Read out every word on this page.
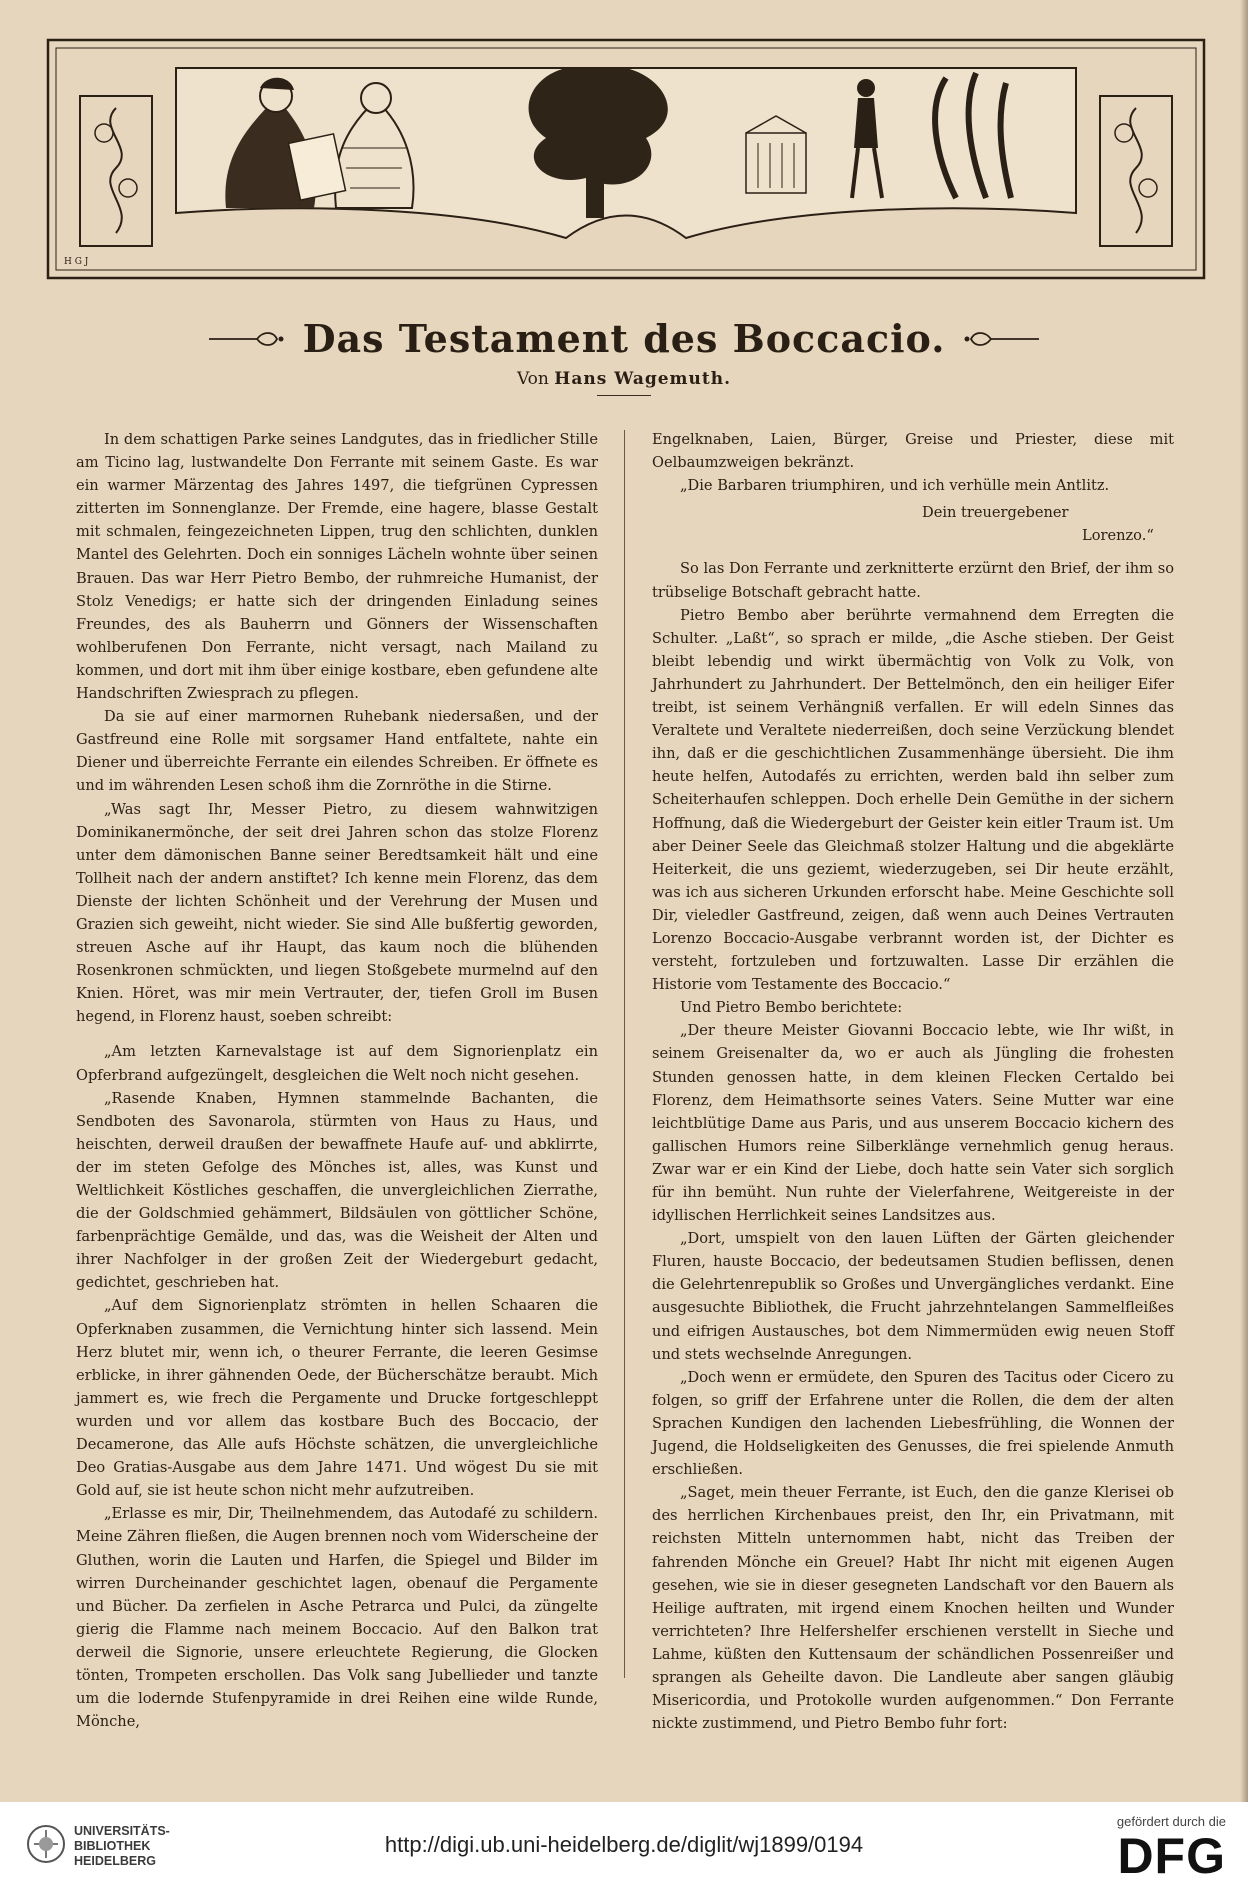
H G J
Das Testament des Boccacio.
Von Hans Wagemuth.

In dem schattigen Parke seines Landgutes, das in friedlicher Stille am Ticino lag, lustwandelte Don Ferrante mit seinem Gaste. Es war ein warmer Märzentag des Jahres 1497, die tiefgrünen Cypressen zitterten im Sonnenglanze. Der Fremde, eine hagere, blasse Gestalt mit schmalen, feingezeichneten Lippen, trug den schlichten, dunklen Mantel des Gelehrten. Doch ein sonniges Lächeln wohnte über seinen Brauen. Das war Herr Pietro Bembo, der ruhmreiche Humanist, der Stolz Venedigs; er hatte sich der dringenden Einladung seines Freundes, des als Bauherrn und Gönners der Wissenschaften wohlberufenen Don Ferrante, nicht versagt, nach Mailand zu kommen, und dort mit ihm über einige kostbare, eben gefundene alte Handschriften Zwiesprach zu pflegen.

Da sie auf einer marmornen Ruhebank niedersaßen, und der Gastfreund eine Rolle mit sorgsamer Hand entfaltete, nahte ein Diener und überreichte Ferrante ein eilendes Schreiben. Er öffnete es und im währenden Lesen schoß ihm die Zornröthe in die Stirne.

„Was sagt Ihr, Messer Pietro, zu diesem wahnwitzigen Dominikanermönche, der seit drei Jahren schon das stolze Florenz unter dem dämonischen Banne seiner Beredtsamkeit hält und eine Tollheit nach der andern anstiftet? Ich kenne mein Florenz, das dem Dienste der lichten Schönheit und der Verehrung der Musen und Grazien sich geweiht, nicht wieder. Sie sind Alle bußfertig geworden, streuen Asche auf ihr Haupt, das kaum noch die blühenden Rosenkronen schmückten, und liegen Stoßgebete murmelnd auf den Knien. Höret, was mir mein Vertrauter, der, tiefen Groll im Busen hegend, in Florenz haust, soeben schreibt:

„Am letzten Karnevalstage ist auf dem Signorienplatz ein Opferbrand aufgezüngelt, desgleichen die Welt noch nicht gesehen.

„Rasende Knaben, Hymnen stammelnde Bachanten, die Sendboten des Savonarola, stürmten von Haus zu Haus, und heischten, derweil draußen der bewaffnete Haufe auf- und abklirrte, der im steten Gefolge des Mönches ist, alles, was Kunst und Weltlichkeit Köstliches geschaffen, die unvergleichlichen Zierrathe, die der Goldschmied gehämmert, Bildsäulen von göttlicher Schöne, farbenprächtige Gemälde, und das, was die Weisheit der Alten und ihrer Nachfolger in der großen Zeit der Wiedergeburt gedacht, gedichtet, geschrieben hat.

„Auf dem Signorienplatz strömten in hellen Schaaren die Opferknaben zusammen, die Vernichtung hinter sich lassend. Mein Herz blutet mir, wenn ich, o theurer Ferrante, die leeren Gesimse erblicke, in ihrer gähnenden Oede, der Bücherschätze beraubt. Mich jammert es, wie frech die Pergamente und Drucke fortgeschleppt wurden und vor allem das kostbare Buch des Boccacio, der Decamerone, das Alle aufs Höchste schätzen, die unvergleichliche Deo Gratias-Ausgabe aus dem Jahre 1471. Und wögest Du sie mit Gold auf, sie ist heute schon nicht mehr aufzutreiben.

„Erlasse es mir, Dir, Theilnehmendem, das Autodafé zu schildern. Meine Zähren fließen, die Augen brennen noch vom Widerscheine der Gluthen, worin die Lauten und Harfen, die Spiegel und Bilder im wirren Durcheinander geschichtet lagen, obenauf die Pergamente und Bücher. Da zerfielen in Asche Petrarca und Pulci, da züngelte gierig die Flamme nach meinem Boccacio. Auf den Balkon trat derweil die Signorie, unsere erleuchtete Regierung, die Glocken tönten, Trompeten erschollen. Das Volk sang Jubellieder und tanzte um die lodernde Stufenpyramide in drei Reihen eine wilde Runde, Mönche,

Engelknaben, Laien, Bürger, Greise und Priester, diese mit Oelbaumzweigen bekränzt.

„Die Barbaren triumphiren, und ich verhülle mein Antlitz.

Dein treuergebener
Lorenzo.“

So las Don Ferrante und zerknitterte erzürnt den Brief, der ihm so trübselige Botschaft gebracht hatte.

Pietro Bembo aber berührte vermahnend dem Erregten die Schulter. „Laßt“, so sprach er milde, „die Asche stieben. Der Geist bleibt lebendig und wirkt übermächtig von Volk zu Volk, von Jahrhundert zu Jahrhundert. Der Bettelmönch, den ein heiliger Eifer treibt, ist seinem Verhängniß verfallen. Er will edeln Sinnes das Veraltete und Veraltete niederreißen, doch seine Verzückung blendet ihn, daß er die geschichtlichen Zusammenhänge übersieht. Die ihm heute helfen, Autodafés zu errichten, werden bald ihn selber zum Scheiterhaufen schleppen. Doch erhelle Dein Gemüthe in der sichern Hoffnung, daß die Wiedergeburt der Geister kein eitler Traum ist. Um aber Deiner Seele das Gleichmaß stolzer Haltung und die abgeklärte Heiterkeit, die uns geziemt, wiederzugeben, sei Dir heute erzählt, was ich aus sicheren Urkunden erforscht habe. Meine Geschichte soll Dir, vieledler Gastfreund, zeigen, daß wenn auch Deines Vertrauten Lorenzo Boccacio-Ausgabe verbrannt worden ist, der Dichter es versteht, fortzuleben und fortzuwalten. Lasse Dir erzählen die Historie vom Testamente des Boccacio.“

Und Pietro Bembo berichtete:

„Der theure Meister Giovanni Boccacio lebte, wie Ihr wißt, in seinem Greisenalter da, wo er auch als Jüngling die frohesten Stunden genossen hatte, in dem kleinen Flecken Certaldo bei Florenz, dem Heimathsorte seines Vaters. Seine Mutter war eine leichtblütige Dame aus Paris, und aus unserem Boccacio kichern des gallischen Humors reine Silberklänge vernehmlich genug heraus. Zwar war er ein Kind der Liebe, doch hatte sein Vater sich sorglich für ihn bemüht. Nun ruhte der Vielerfahrene, Weitgereiste in der idyllischen Herrlichkeit seines Landsitzes aus.

„Dort, umspielt von den lauen Lüften der Gärten gleichender Fluren, hauste Boccacio, der bedeutsamen Studien beflissen, denen die Gelehrtenrepublik so Großes und Unvergängliches verdankt. Eine ausgesuchte Bibliothek, die Frucht jahrzehntelangen Sammelfleißes und eifrigen Austausches, bot dem Nimmermüden ewig neuen Stoff und stets wechselnde Anregungen.

„Doch wenn er ermüdete, den Spuren des Tacitus oder Cicero zu folgen, so griff der Erfahrene unter die Rollen, die dem der alten Sprachen Kundigen den lachenden Liebesfrühling, die Wonnen der Jugend, die Holdseligkeiten des Genusses, die frei spielende Anmuth erschließen.

„Saget, mein theuer Ferrante, ist Euch, den die ganze Klerisei ob des herrlichen Kirchenbaues preist, den Ihr, ein Privatmann, mit reichsten Mitteln unternommen habt, nicht das Treiben der fahrenden Mönche ein Greuel? Habt Ihr nicht mit eigenen Augen gesehen, wie sie in dieser gesegneten Landschaft vor den Bauern als Heilige auftraten, mit irgend einem Knochen heilten und Wunder verrichteten? Ihre Helfershelfer erschienen verstellt in Sieche und Lahme, küßten den Kuttensaum der schändlichen Possenreißer und sprangen als Geheilte davon. Die Landleute aber sangen gläubig Misericordia, und Protokolle wurden aufgenommen.“ Don Ferrante nickte zustimmend, und Pietro Bembo fuhr fort:

UNIVERSITÄTS-
BIBLIOTHEK
HEIDELBERG
http://digi.ub.uni-heidelberg.de/diglit/wj1899/0194
gefördert durch die
DFG
